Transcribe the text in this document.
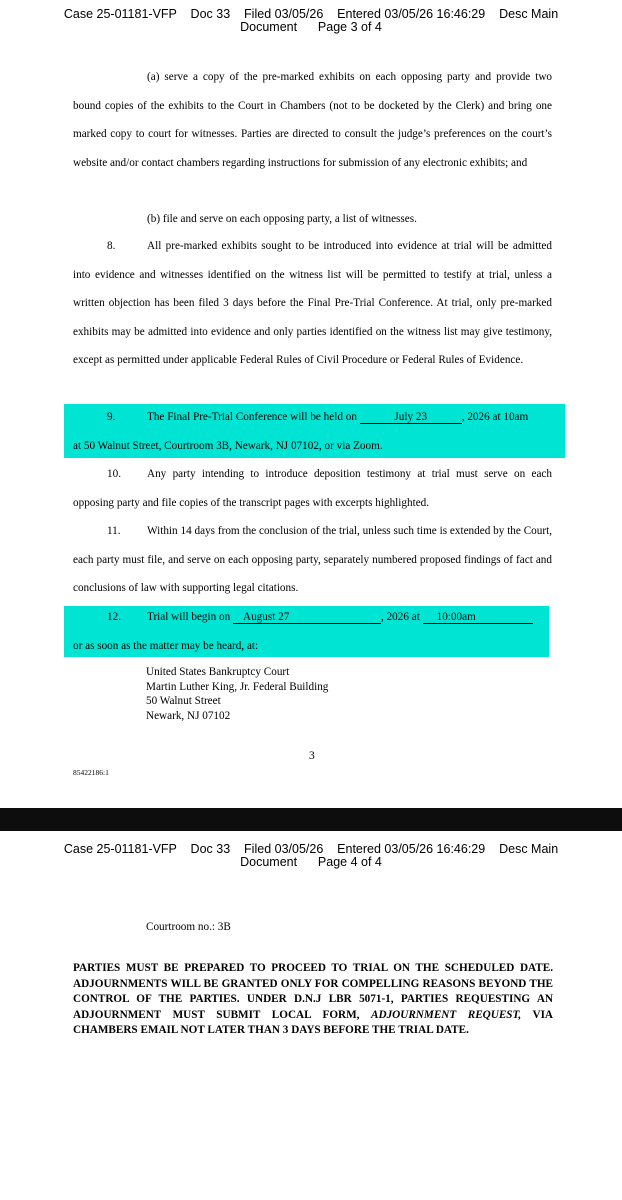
Case 25-01181-VFP    Doc 33    Filed 03/05/26    Entered 03/05/26 16:46:29    Desc Main
Document      Page 3 of 4

(a) serve a copy of the pre-marked exhibits on each opposing party and provide two bound copies of the exhibits to the Court in Chambers (not to be docketed by the Clerk) and bring one marked copy to court for witnesses. Parties are directed to consult the judge’s preferences on the court’s website and/or contact chambers regarding instructions for submission of any electronic exhibits; and

(b) file and serve on each opposing party, a list of witnesses.

8.	All pre-marked exhibits sought to be introduced into evidence at trial will be admitted into evidence and witnesses identified on the witness list will be permitted to testify at trial, unless a written objection has been filed 3 days before the Final Pre-Trial Conference. At trial, only pre-marked exhibits may be admitted into evidence and only parties identified on the witness list may give testimony, except as permitted under applicable Federal Rules of Civil Procedure or Federal Rules of Evidence.

9.	The Final Pre-Trial Conference will be held on	July 23	, 2026 at 10am
at 50 Walnut Street, Courtroom 3B, Newark, NJ 07102, or via Zoom.

10. Any party intending to introduce deposition testimony at trial must serve on each opposing party and file copies of the transcript pages with excerpts highlighted.

11. Within 14 days from the conclusion of the trial, unless such time is extended by the Court, each party must file, and serve on each opposing party, separately numbered proposed findings of fact and conclusions of law with supporting legal citations.

12. Trial will begin on August 27	, 2026 at 10:00am
or as soon as the matter may be heard, at:

United States Bankruptcy Court
Martin Luther King, Jr. Federal Building
50 Walnut Street
Newark, NJ 07102
3
85422186:1
Case 25-01181-VFP    Doc 33    Filed 03/05/26    Entered 03/05/26 16:46:29    Desc Main
Document      Page 4 of 4
Courtroom no.: 3B

PARTIES MUST BE PREPARED TO PROCEED TO TRIAL ON THE SCHEDULED DATE. ADJOURNMENTS WILL BE GRANTED ONLY FOR COMPELLING REASONS BEYOND THE CONTROL OF THE PARTIES. UNDER D.N.J LBR 5071-1, PARTIES REQUESTING AN ADJOURNMENT MUST SUBMIT LOCAL FORM, ADJOURNMENT REQUEST, VIA CHAMBERS EMAIL NOT LATER THAN 3 DAYS BEFORE THE TRIAL DATE.
